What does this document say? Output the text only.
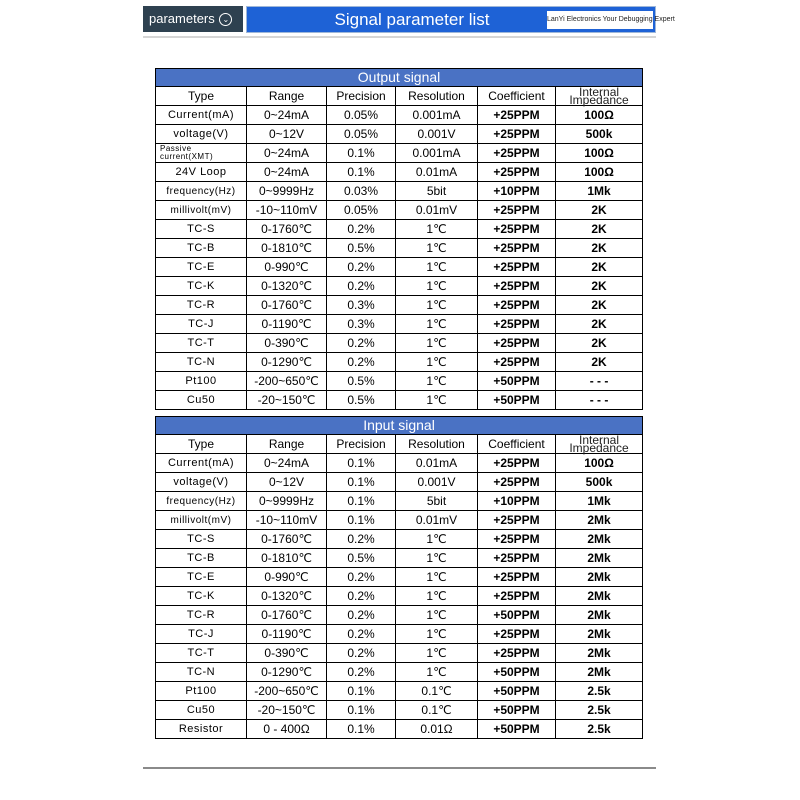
parameters ⌄	Signal parameter list	LanYi Electronics Your Debugging Expert
Output signal					
Type	Range	Precision	Resolution	Coefficient	Internal Impedance
Current(mA)	0~24mA	0.05%	0.001mA	+25PPM	100Ω
voltage(V)	0~12V	0.05%	0.001V	+25PPM	500k
Passive current(XMT)	0~24mA	0.1%	0.001mA	+25PPM	100Ω
24V Loop	0~24mA	0.1%	0.01mA	+25PPM	100Ω
frequency(Hz)	0~9999Hz	0.03%	5bit	+10PPM	1Mk
millivolt(mV)	-10~110mV	0.05%	0.01mV	+25PPM	2K
TC-S	0-1760℃	0.2%	1℃	+25PPM	2K
TC-B	0-1810℃	0.5%	1℃	+25PPM	2K
TC-E	0-990℃	0.2%	1℃	+25PPM	2K
TC-K	0-1320℃	0.2%	1℃	+25PPM	2K
TC-R	0-1760℃	0.3%	1℃	+25PPM	2K
TC-J	0-1190℃	0.3%	1℃	+25PPM	2K
TC-T	0-390℃	0.2%	1℃	+25PPM	2K
TC-N	0-1290℃	0.2%	1℃	+25PPM	2K
Pt100	-200~650℃	0.5%	1℃	+50PPM	- - -
Cu50	-20~150℃	0.5%	1℃	+50PPM	- - -
Input signal					
Type	Range	Precision	Resolution	Coefficient	Internal Impedance
Current(mA)	0~24mA	0.1%	0.01mA	+25PPM	100Ω
voltage(V)	0~12V	0.1%	0.001V	+25PPM	500k
frequency(Hz)	0~9999Hz	0.1%	5bit	+10PPM	1Mk
millivolt(mV)	-10~110mV	0.1%	0.01mV	+25PPM	2Mk
TC-S	0-1760℃	0.2%	1℃	+25PPM	2Mk
TC-B	0-1810℃	0.5%	1℃	+25PPM	2Mk
TC-E	0-990℃	0.2%	1℃	+25PPM	2Mk
TC-K	0-1320℃	0.2%	1℃	+25PPM	2Mk
TC-R	0-1760℃	0.2%	1℃	+50PPM	2Mk
TC-J	0-1190℃	0.2%	1℃	+25PPM	2Mk
TC-T	0-390℃	0.2%	1℃	+25PPM	2Mk
TC-N	0-1290℃	0.2%	1℃	+50PPM	2Mk
Pt100	-200~650℃	0.1%	0.1℃	+50PPM	2.5k
Cu50	-20~150℃	0.1%	0.1℃	+50PPM	2.5k
Resistor	0 - 400Ω	0.1%	0.01Ω	+50PPM	2.5k
